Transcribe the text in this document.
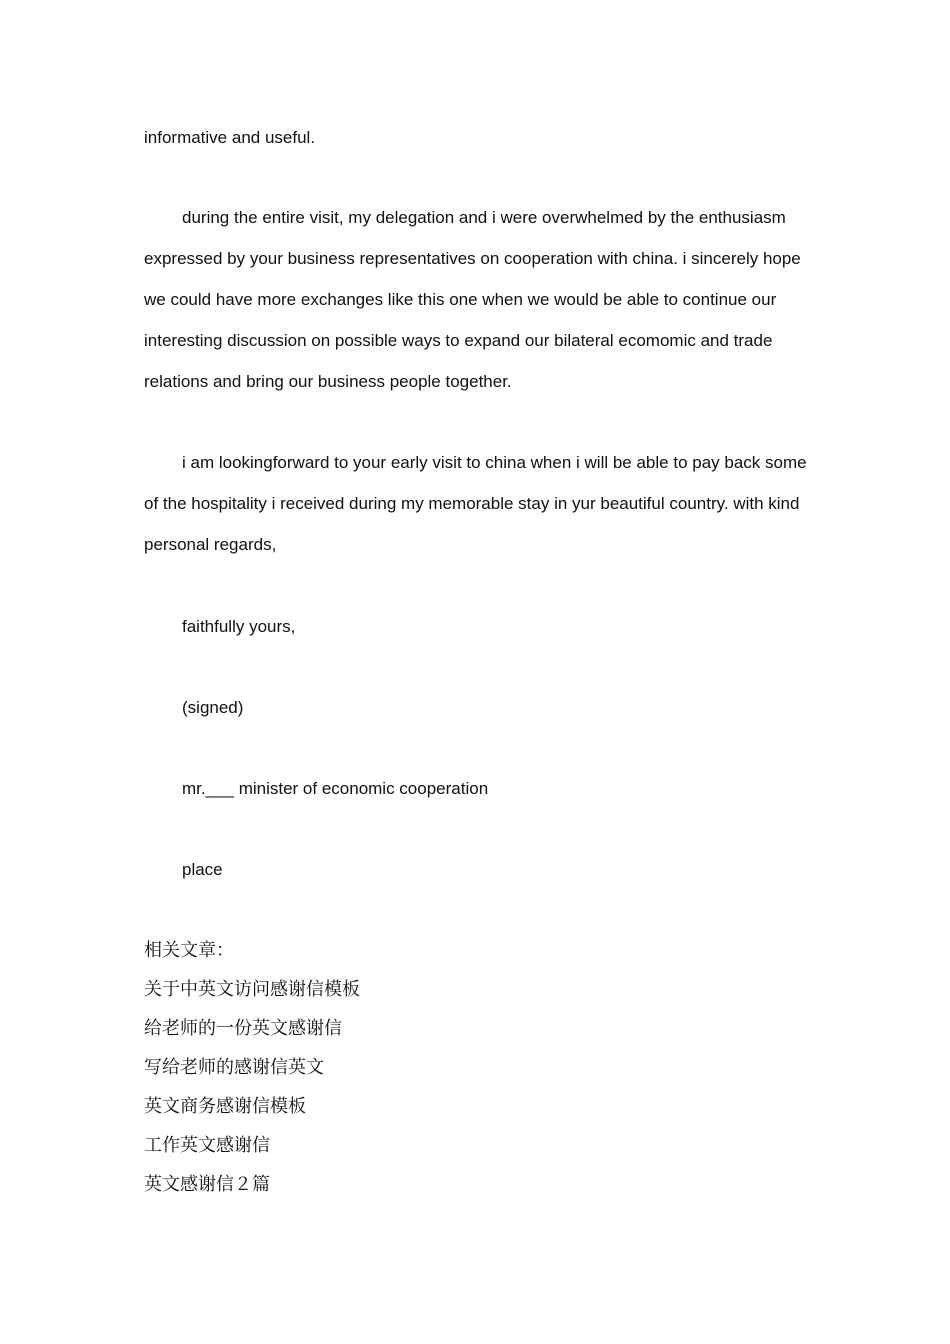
informative and useful.

during the entire visit, my delegation and i were overwhelmed by the enthusiasm expressed by your business representatives on cooperation with china. i sincerely hope we could have more exchanges like this one when we would be able to continue our interesting discussion on possible ways to expand our bilateral ecomomic and trade relations and bring our business people together.

i am lookingforward to your early visit to china when i will be able to pay back some of the hospitality i received during my memorable stay in yur beautiful country. with kind personal regards,

faithfully yours,

(signed)

mr.___ minister of economic cooperation

place

相关文章：

关于中英文访问感谢信模板
给老师的一份英文感谢信
写给老师的感谢信英文
英文商务感谢信模板
工作英文感谢信
英文感谢信２篇
